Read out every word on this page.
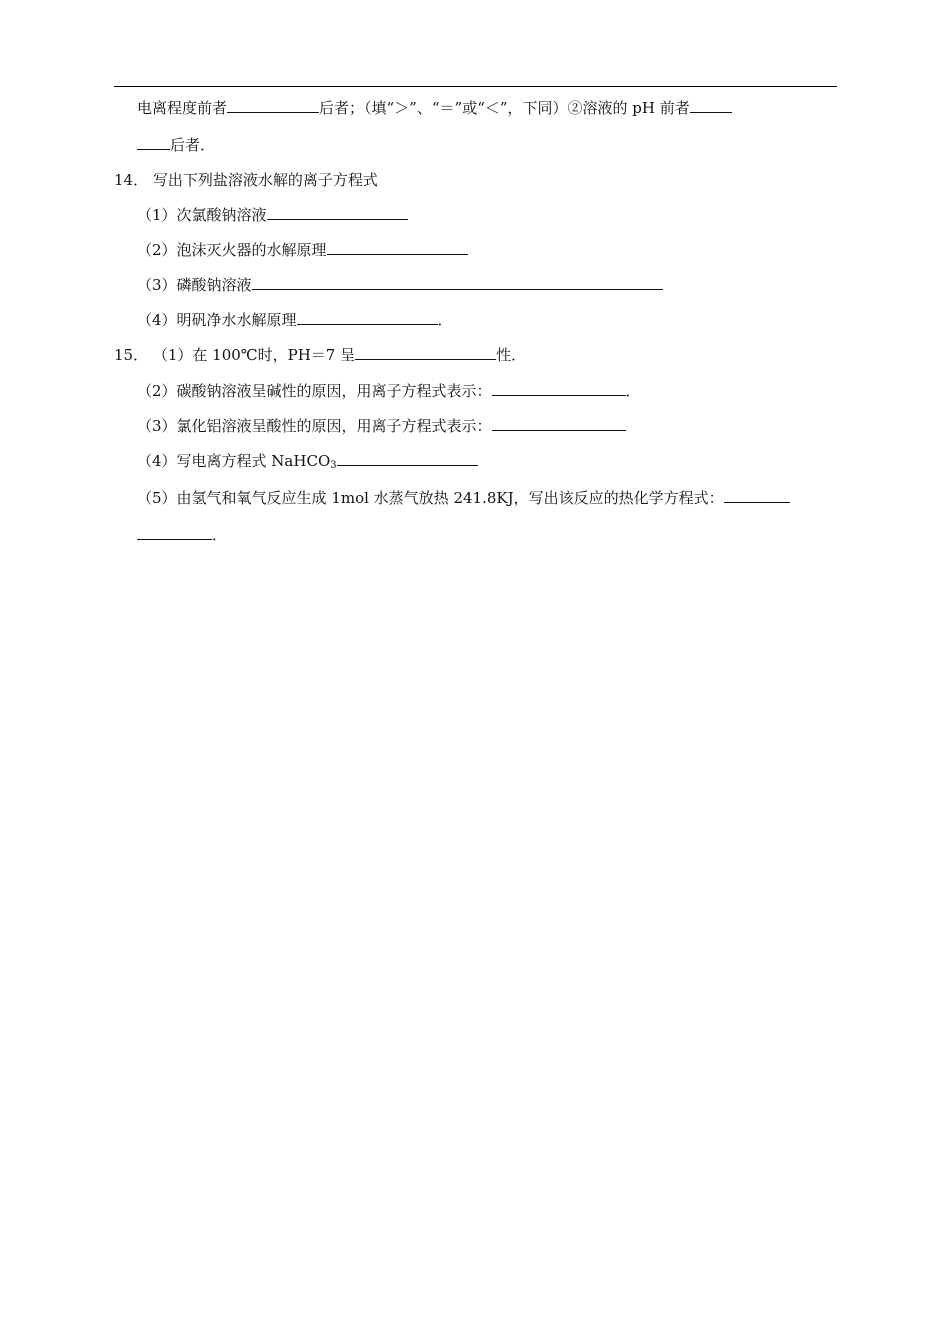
电离程度前者	后者；（填“＞”、“＝”或“＜”，下同）②溶液的 pH 前者
后者．
14． 写出下列盐溶液水解的离子方程式
（1）次氯酸钠溶液
（2）泡沫灭火器的水解原理
（3）磷酸钠溶液
（4）明矾净水水解原理	．
15． （1）在 100℃时，PH＝7 呈	性．
（2）碳酸钠溶液呈碱性的原因，用离子方程式表示：	．
（3）氯化铝溶液呈酸性的原因，用离子方程式表示：
（4）写电离方程式 NaHCO$_3$
（5）由氢气和氧气反应生成 1mol 水蒸气放热 241.8KJ，写出该反应的热化学方程式：
．
